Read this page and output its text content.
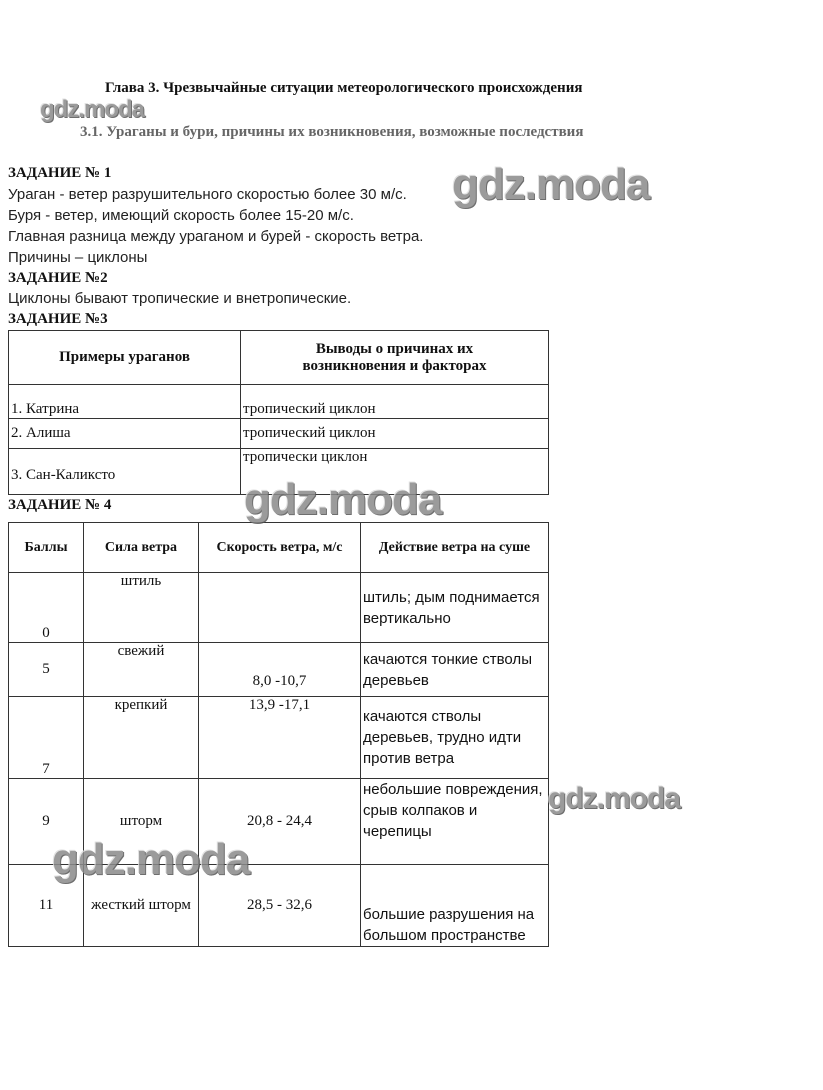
Глава 3. Чрезвычайные ситуации метеорологического происхождения
3.1. Ураганы и бури, причины их возникновения, возможные последствия
ЗАДАНИЕ № 1
Ураган - ветер разрушительного скоростью более 30 м/с.
Буря - ветер, имеющий скорость более 15-20 м/с.
Главная разница между ураганом и бурей - скорость ветра.
Причины – циклоны
ЗАДАНИЕ №2
Циклоны бывают тропические и внетропические.
ЗАДАНИЕ №3
Примеры ураганов	Выводы о причинах их возникновения и факторах
1. Катрина	тропический циклон
2. Алиша	тропический циклон
3. Сан-Каликсто	тропически циклон
ЗАДАНИЕ № 4
Баллы	Сила ветра	Скорость ветра, м/с	Действие ветра на суше
0	штиль		штиль; дым поднимается вертикально
5	свежий	8,0 -10,7	качаются тонкие стволы деревьев
7	крепкий	13,9 -17,1	качаются стволы деревьев, трудно идти против ветра
9	шторм	20,8 - 24,4	небольшие повреждения, срыв колпаков и черепицы
11	жесткий шторм	28,5 - 32,6	большие разрушения на большом пространстве
gdz.moda
gdz.moda
gdz.moda
gdz.moda
gdz.moda
